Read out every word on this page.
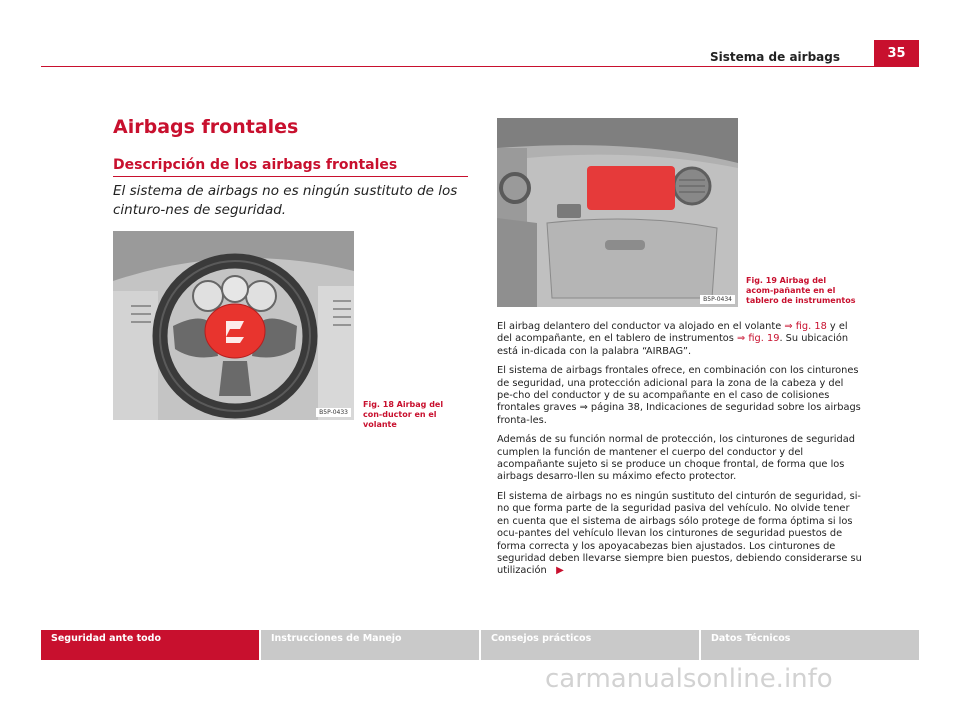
Sistema de airbags	35
Airbags frontales
Descripción de los airbags frontales
El sistema de airbags no es ningún sustituto de los cinturo-nes de seguridad.
B5P-0433
Fig. 18 Airbag del con-ductor en el volante
B5P-0434
Fig. 19 Airbag del acom-pañante en el tablero de instrumentos

El airbag delantero del conductor va alojado en el volante ⇒ fig. 18 y el del acompañante, en el tablero de instrumentos ⇒ fig. 19. Su ubicación está in-dicada con la palabra “AIRBAG”.

El sistema de airbags frontales ofrece, en combinación con los cinturones de seguridad, una protección adicional para la zona de la cabeza y del pe-cho del conductor y de su acompañante en el caso de colisiones frontales graves ⇒ página 38, Indicaciones de seguridad sobre los airbags fronta-les.

Además de su función normal de protección, los cinturones de seguridad cumplen la función de mantener el cuerpo del conductor y del acompañante sujeto si se produce un choque frontal, de forma que los airbags desarro-llen su máximo efecto protector.

El sistema de airbags no es ningún sustituto del cinturón de seguridad, si-no que forma parte de la seguridad pasiva del vehículo. No olvide tener en cuenta que el sistema de airbags sólo protege de forma óptima si los ocu-pantes del vehículo llevan los cinturones de seguridad puestos de forma correcta y los apoyacabezas bien ajustados. Los cinturones de seguridad deben llevarse siempre bien puestos, debiendo considerarse su utilización   ▶

Seguridad ante todo	Instrucciones de Manejo	Consejos prácticos	Datos Técnicos
carmanualsonline.info
